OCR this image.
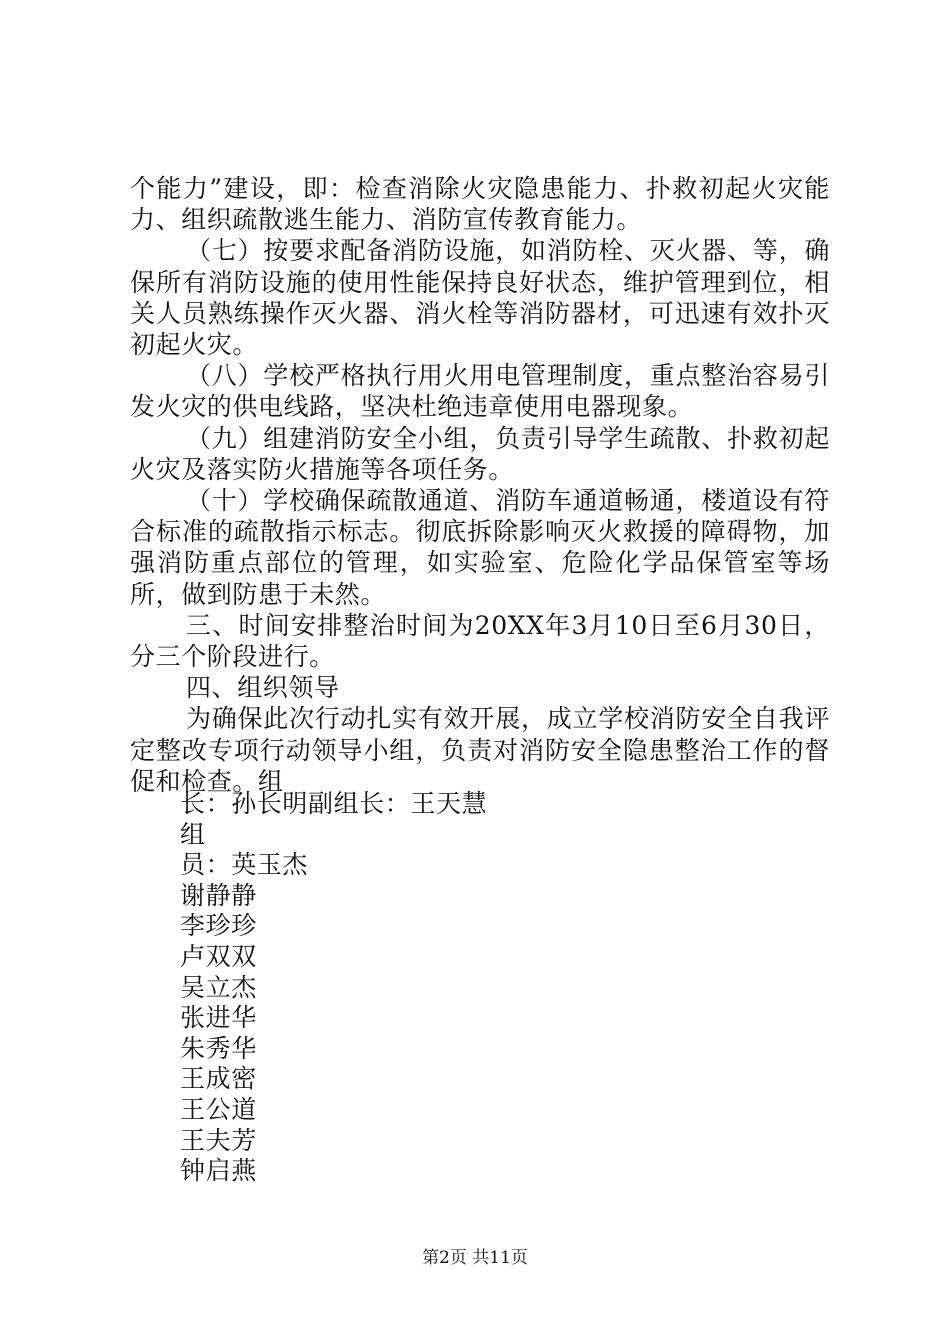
个能力”建设，即：检查消除火灾隐患能力、扑救初起火灾能力、组织疏散逃生能力、消防宣传教育能力。

（七）按要求配备消防设施，如消防栓、灭火器、等，确保所有消防设施的使用性能保持良好状态，维护管理到位，相关人员熟练操作灭火器、消火栓等消防器材，可迅速有效扑灭初起火灾。

（八）学校严格执行用火用电管理制度，重点整治容易引发火灾的供电线路，坚决杜绝违章使用电器现象。

（九）组建消防安全小组，负责引导学生疏散、扑救初起火灾及落实防火措施等各项任务。

（十）学校确保疏散通道、消防车通道畅通，楼道设有符合标准的疏散指示标志。彻底拆除影响灭火救援的障碍物，加强消防重点部位的管理，如实验室、危险化学品保管室等场所，做到防患于未然。

三、时间安排整治时间为20XX年3月10日至6月30日，分三个阶段进行。

四、组织领导

为确保此次行动扎实有效开展，成立学校消防安全自我评定整改专项行动领导小组，负责对消防安全隐患整治工作的督促和检查。组

长：孙长明副组长：王天慧
组
员：英玉杰
谢静静
李珍珍
卢双双
吴立杰
张进华
朱秀华
王成密
王公道
王夫芳
钟启燕
第2页 共11页
